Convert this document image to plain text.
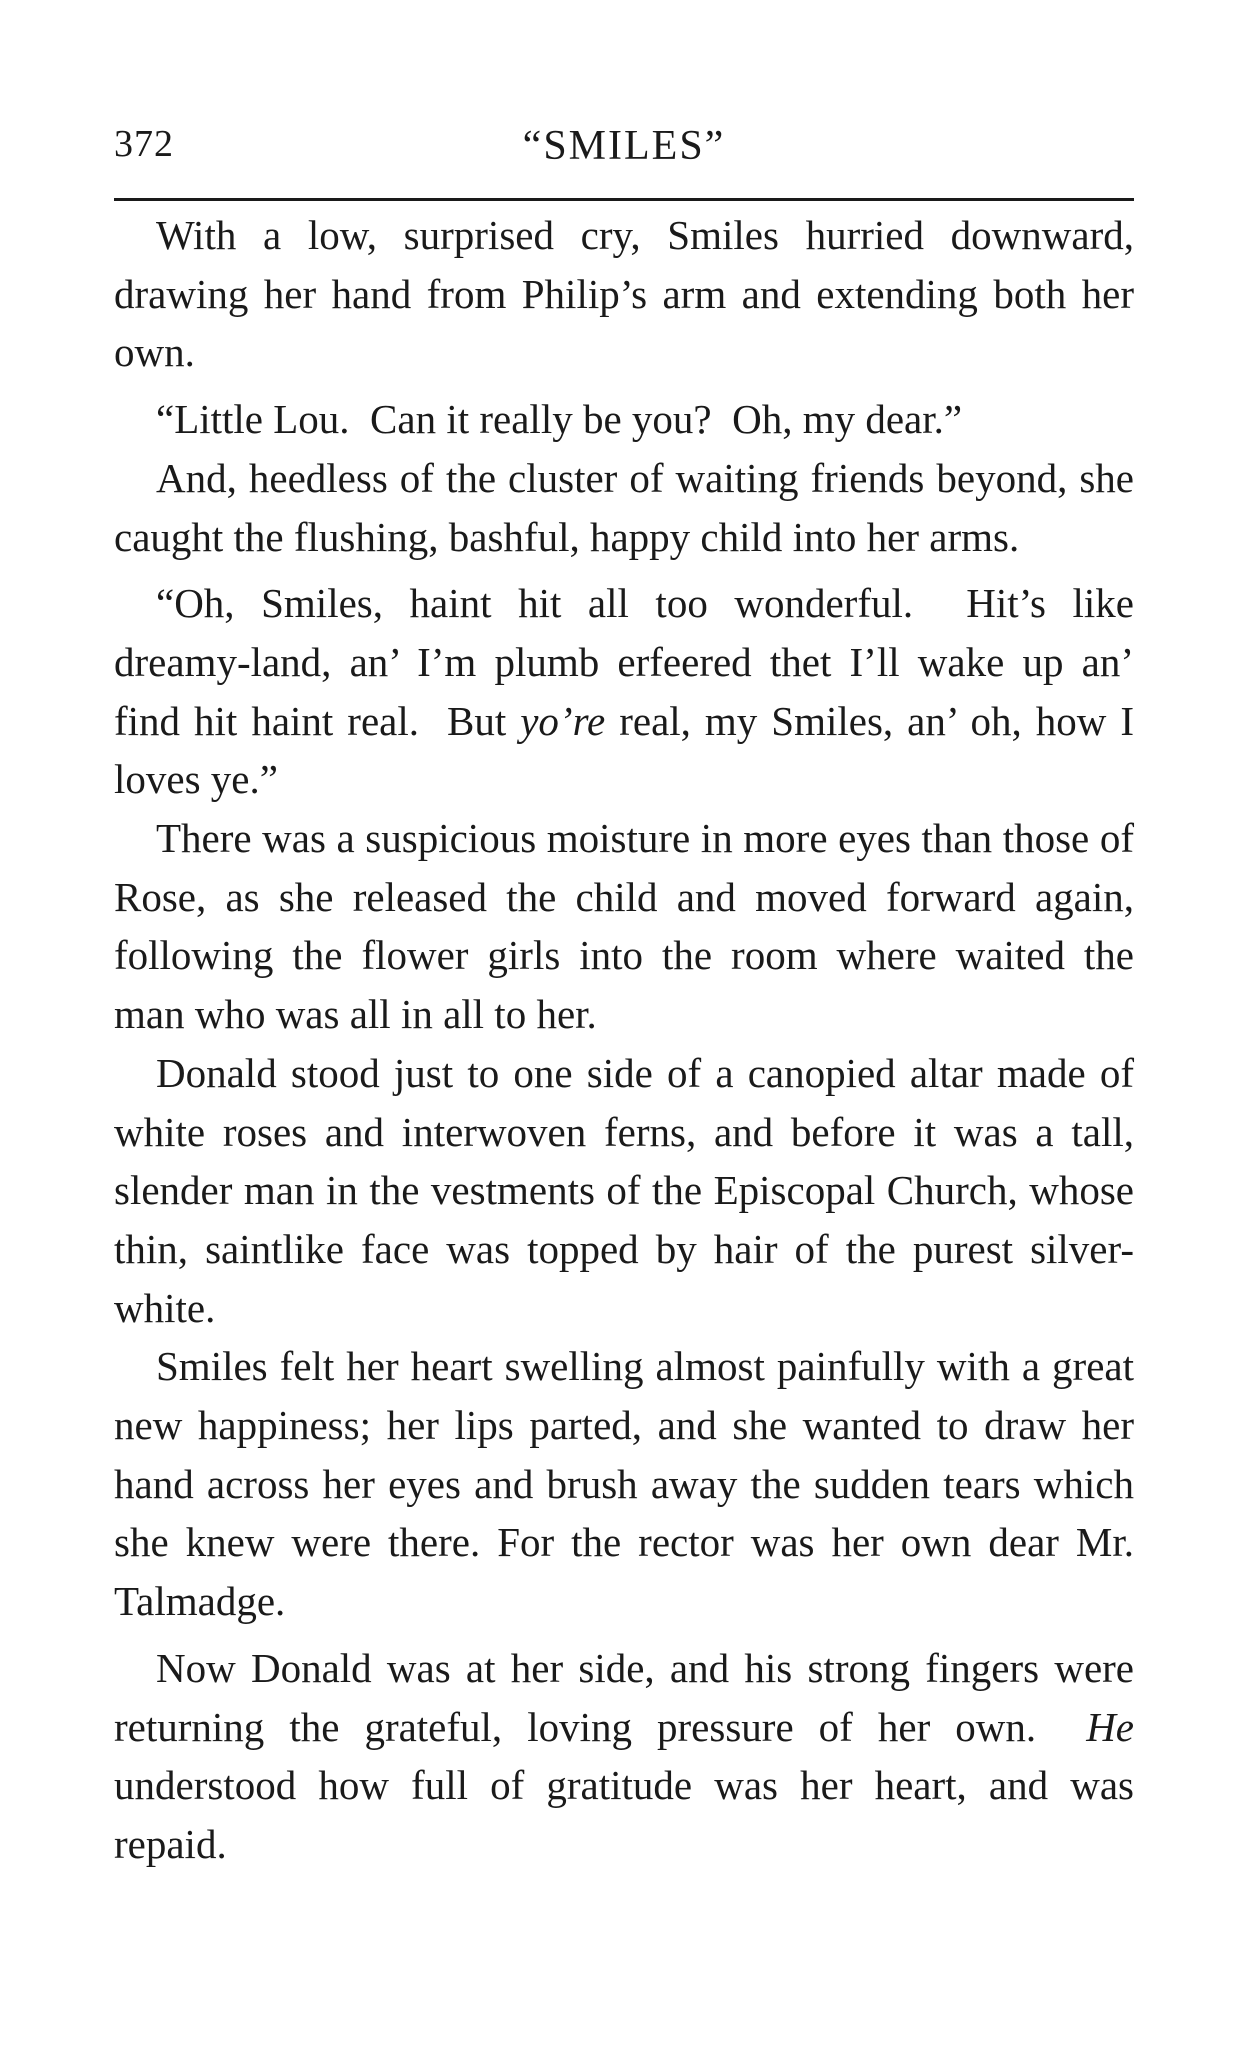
372	“SMILES”

With a low, surprised cry, Smiles hurried downward, drawing her hand from Philip’s arm and extending both her own.

“Little Lou.  Can it really be you?  Oh, my dear.”

And, heedless of the cluster of waiting friends beyond, she caught the flushing, bashful, happy child into her arms.

“Oh, Smiles, haint hit all too wonderful.  Hit’s like dreamy-land, an’ I’m plumb erfeered thet I’ll wake up an’ find hit haint real.  But yo’re real, my Smiles, an’ oh, how I loves ye.”

There was a suspicious moisture in more eyes than those of Rose, as she released the child and moved forward again, following the flower girls into the room where waited the man who was all in all to her.

Donald stood just to one side of a canopied altar made of white roses and interwoven ferns, and before it was a tall, slender man in the vestments of the Episcopal Church, whose thin, saintlike face was topped by hair of the purest silver-white.

Smiles felt her heart swelling almost painfully with a great new happiness; her lips parted, and she wanted to draw her hand across her eyes and brush away the sudden tears which she knew were there. For the rector was her own dear Mr. Talmadge.

Now Donald was at her side, and his strong fingers were returning the grateful, loving pressure of her own.  He understood how full of gratitude was her heart, and was repaid.
